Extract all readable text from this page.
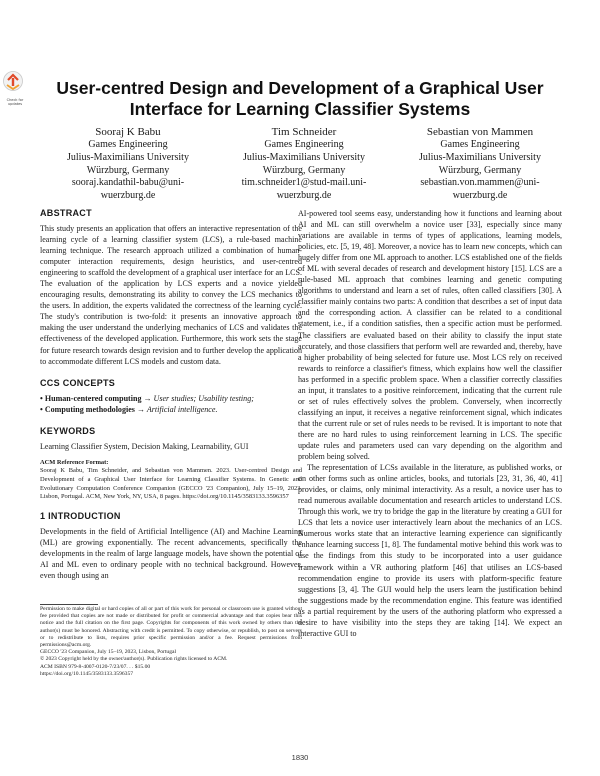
Check for updates
User-centred Design and Development of a Graphical User
Interface for Learning Classifier Systems
Sooraj K Babu
Games Engineering
Julius-Maximilians University
Würzburg, Germany
sooraj.kandathil-babu@uni-
wuerzburg.de
Tim Schneider
Games Engineering
Julius-Maximilians University
Würzburg, Germany
tim.schneider1@stud-mail.uni-
wuerzburg.de
Sebastian von Mammen
Games Engineering
Julius-Maximilians University
Würzburg, Germany
sebastian.von.mammen@uni-
wuerzburg.de
ABSTRACT

This study presents an application that offers an interactive representation of the learning cycle of a learning classifier system (LCS), a rule-based machine learning technique. The research approach utilized a combination of human-computer interaction requirements, design heuristics, and user-centred engineering to scaffold the development of a graphical user interface for an LCS. The evaluation of the application by LCS experts and a novice yielded encouraging results, demonstrating its ability to convey the LCS mechanics to the users. In addition, the experts validated the correctness of the learning cycle. The study's contribution is two-fold: it presents an innovative approach to making the user understand the underlying mechanics of LCS and validates the effectiveness of the developed application. Furthermore, this work sets the stage for future research towards design revision and to further develop the application to accommodate different LCS models and custom data.

CCS CONCEPTS

• Human-centered computing → User studies; Usability testing;

• Computing methodologies → Artificial intelligence.

KEYWORDS

Learning Classifier System, Decision Making, Learnability, GUI

ACM Reference Format:
Sooraj K Babu, Tim Schneider, and Sebastian von Mammen. 2023. User-centred Design and Development of a Graphical User Interface for Learning Classifier Systems. In Genetic and Evolutionary Computation Conference Companion (GECCO '23 Companion), July 15–19, 2023, Lisbon, Portugal. ACM, New York, NY, USA, 8 pages. https://doi.org/10.1145/3583133.3596357

1 INTRODUCTION

Developments in the field of Artificial Intelligence (AI) and Machine Learning (ML) are growing exponentially. The recent advancements, specifically the developments in the realm of large language models, have shown the potential of AI and ML even to ordinary people with no technical background. However, even though using an

Permission to make digital or hard copies of all or part of this work for personal or classroom use is granted without fee provided that copies are not made or distributed for profit or commercial advantage and that copies bear this notice and the full citation on the first page. Copyrights for components of this work owned by others than the author(s) must be honored. Abstracting with credit is permitted. To copy otherwise, or republish, to post on servers or to redistribute to lists, requires prior specific permission and/or a fee. Request permissions from permissions@acm.org.

GECCO '23 Companion, July 15–19, 2023, Lisbon, Portugal

© 2023 Copyright held by the owner/author(s). Publication rights licensed to ACM.

ACM ISBN 979-8-4007-0120-7/23/07. . . $15.00

https://doi.org/10.1145/3583133.3596357

AI-powered tool seems easy, understanding how it functions and learning about AI and ML can still overwhelm a novice user [33], especially since many variations are available in terms of types of applications, learning models, policies, etc. [5, 19, 48]. Moreover, a novice has to learn new concepts, which can hugely differ from one ML approach to another. LCS established one of the fields of ML with several decades of research and development history [15]. LCS are a rule-based ML approach that combines learning and genetic computing algorithms to understand and learn a set of rules, often called classifiers [30]. A classifier mainly contains two parts: A condition that describes a set of input data and the corresponding action. A classifier can be related to a conditional statement, i.e., if a condition satisfies, then a specific action must be performed. The classifiers are evaluated based on their ability to classify the input state accurately, and those classifiers that perform well are rewarded and, thereby, have a higher probability of being selected for future use. Most LCS rely on received rewards to reinforce a classifier's fitness, which explains how well the classifier has performed in a specific problem space. When a classifier correctly classifies an input, it translates to a positive reinforcement, indicating that the current rule or set of rules effectively solves the problem. Conversely, when incorrectly classifying an input, it receives a negative reinforcement signal, which indicates that the current rule or set of rules needs to be revised. It is important to note that there are no hard rules to using reinforcement learning in LCS. The specific update rules and parameters used can vary depending on the algorithm and problem being solved.

The representation of LCSs available in the literature, as published works, or on other forms such as online articles, books, and tutorials [23, 31, 36, 40, 41] provides, or claims, only minimal interactivity. As a result, a novice user has to read numerous available documentation and research articles to understand LCS. Through this work, we try to bridge the gap in the literature by creating a GUI for LCS that lets a novice user interactively learn about the mechanics of an LCS. Numerous works state that an interactive learning experience can significantly enhance learning success [1, 8]. The fundamental motive behind this work was to use the findings from this study to be incorporated into a user guidance framework within a VR authoring platform [46] that utilises an LCS-based recommendation engine to provide its users with platform-specific feature suggestions [3, 4]. The GUI would help the users learn the justification behind the suggestions made by the recommendation engine. This feature was identified as a partial requirement by the users of the authoring platform who expressed a desire to have visibility into the steps they are taking [14]. We expect an interactive GUI to

1830
